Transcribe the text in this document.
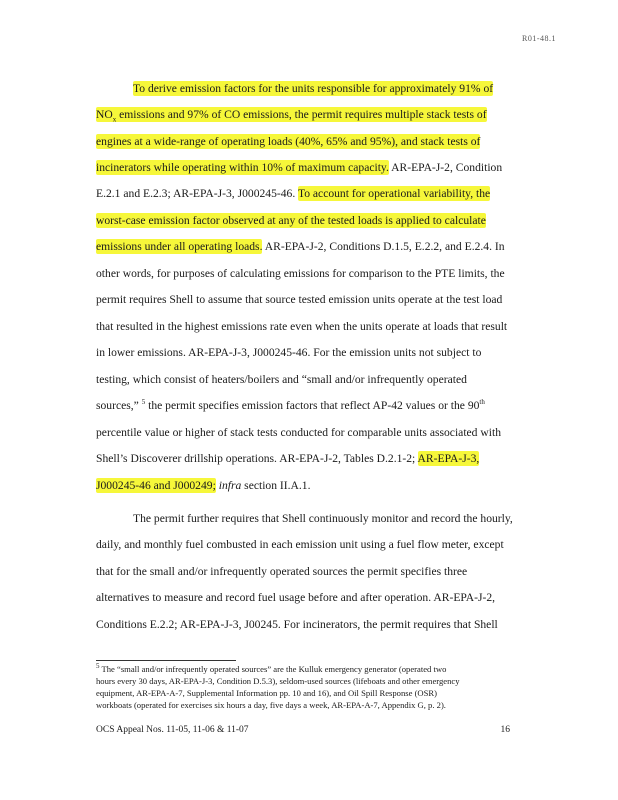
R01-48.1
To derive emission factors for the units responsible for approximately 91% of
$NO_x$ emissions and 97% of CO emissions, the permit requires multiple stack tests of
engines at a wide-range of operating loads (40%, 65% and 95%), and stack tests of
incinerators while operating within 10% of maximum capacity. AR-EPA-J-2, Condition
E.2.1 and E.2.3; AR-EPA-J-3, J000245-46. To account for operational variability, the
worst-case emission factor observed at any of the tested loads is applied to calculate
emissions under all operating loads. AR-EPA-J-2, Conditions D.1.5, E.2.2, and E.2.4. In
other words, for purposes of calculating emissions for comparison to the PTE limits, the
permit requires Shell to assume that source tested emission units operate at the test load
that resulted in the highest emissions rate even when the units operate at loads that result
in lower emissions. AR-EPA-J-3, J000245-46. For the emission units not subject to
testing, which consist of heaters/boilers and “small and/or infrequently operated
sources,” $^5$ the permit specifies emission factors that reflect AP-42 values or the 90th
percentile value or higher of stack tests conducted for comparable units associated with
Shell’s Discoverer drillship operations. AR-EPA-J-2, Tables D.2.1-2; AR-EPA-J-3,
J000245-46 and J000249; infra section II.A.1.
The permit further requires that Shell continuously monitor and record the hourly,
daily, and monthly fuel combusted in each emission unit using a fuel flow meter, except
that for the small and/or infrequently operated sources the permit specifies three
alternatives to measure and record fuel usage before and after operation. AR-EPA-J-2,
Conditions E.2.2; AR-EPA-J-3, J00245. For incinerators, the permit requires that Shell
$^5$ The “small and/or infrequently operated sources” are the Kulluk emergency generator (operated two
hours every 30 days, AR-EPA-J-3, Condition D.5.3), seldom-used sources (lifeboats and other emergency
equipment, AR-EPA-A-7, Supplemental Information pp. 10 and 16), and Oil Spill Response (OSR)
workboats (operated for exercises six hours a day, five days a week, AR-EPA-A-7, Appendix G, p. 2).
OCS Appeal Nos. 11-05, 11-06 & 11-07	16
